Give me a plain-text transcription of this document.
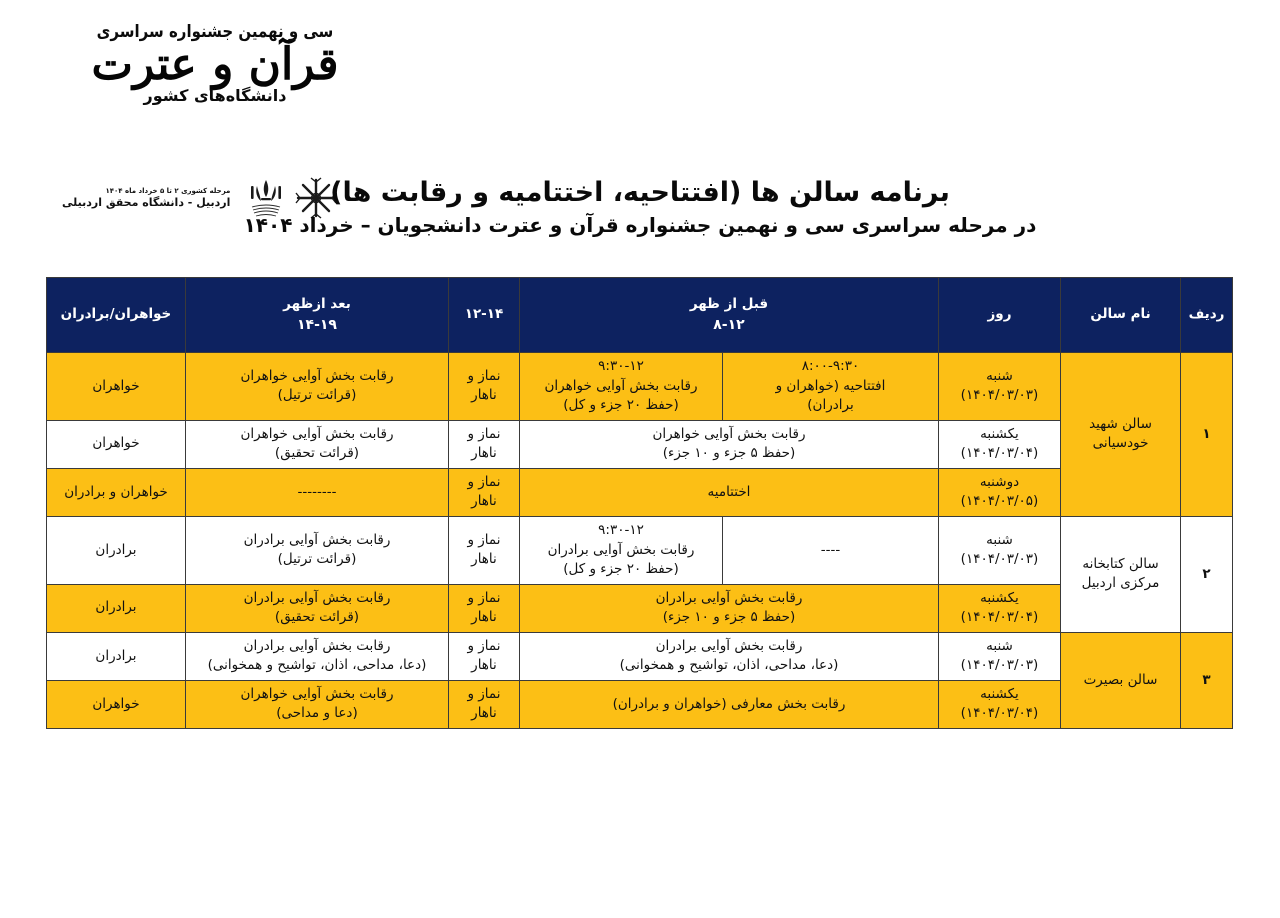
سی و نهمین جشنواره سراسری
قرآن و عترت
دانشگاه‌های کشور
مرحله کشوری ۲ تا ۵ خرداد ماه ۱۴۰۴
اردبیل - دانشگاه محقق اردبیلی	برنامه سالن ها (افتتاحیه، اختتامیه و رقابت ها)
در مرحله سراسری سی و نهمین جشنواره قرآن و عترت دانشجویان – خرداد ۱۴۰۴
ردیف	نام سالن	روز	قبل از ظهر
۸-۱۲		۱۲-۱۴	بعد ازظهر
۱۴-۱۹	خواهران/برادران
۱	سالن شهید خودسیانی	شنبه
(۱۴۰۴/۰۳/۰۳)	۸:۰۰-۹:۳۰
افتتاحیه (خواهران و
برادران)	۹:۳۰-۱۲
رقابت بخش آوایی خواهران
(حفظ ۲۰ جزء و کل)	نماز و
ناهار	رقابت بخش آوایی خواهران
(قرائت ترتیل)	خواهران

		یکشنبه
(۱۴۰۴/۰۳/۰۴)	رقابت بخش آوایی خواهران
(حفظ ۵ جزء و ۱۰ جزء)		نماز و
ناهار	رقابت بخش آوایی خواهران
(قرائت تحقیق)	خواهران

		دوشنبه
(۱۴۰۴/۰۳/۰۵)	اختتامیه		نماز و
ناهار	--------	خواهران و برادران
۲	سالن کتابخانه مرکزی اردبیل	شنبه
(۱۴۰۴/۰۳/۰۳)	----	۹:۳۰-۱۲
رقابت بخش آوایی برادران
(حفظ ۲۰ جزء و کل)	نماز و
ناهار	رقابت بخش آوایی برادران
(قرائت ترتیل)	برادران

		یکشنبه
(۱۴۰۴/۰۳/۰۴)	رقابت بخش آوایی برادران
(حفظ ۵ جزء و ۱۰ جزء)		نماز و
ناهار	رقابت بخش آوایی برادران
(قرائت تحقیق)	برادران
۳	سالن بصیرت	شنبه
(۱۴۰۴/۰۳/۰۳)	رقابت بخش آوایی برادران
(دعا، مداحی، اذان، تواشیح و همخوانی)		نماز و
ناهار	رقابت بخش آوایی برادران
(دعا، مداحی، اذان، تواشیح و همخوانی)	برادران

		یکشنبه
(۱۴۰۴/۰۳/۰۴)	رقابت بخش معارفی (خواهران و برادران)		نماز و
ناهار	رقابت بخش آوایی خواهران
(دعا و مداحی)	خواهران
